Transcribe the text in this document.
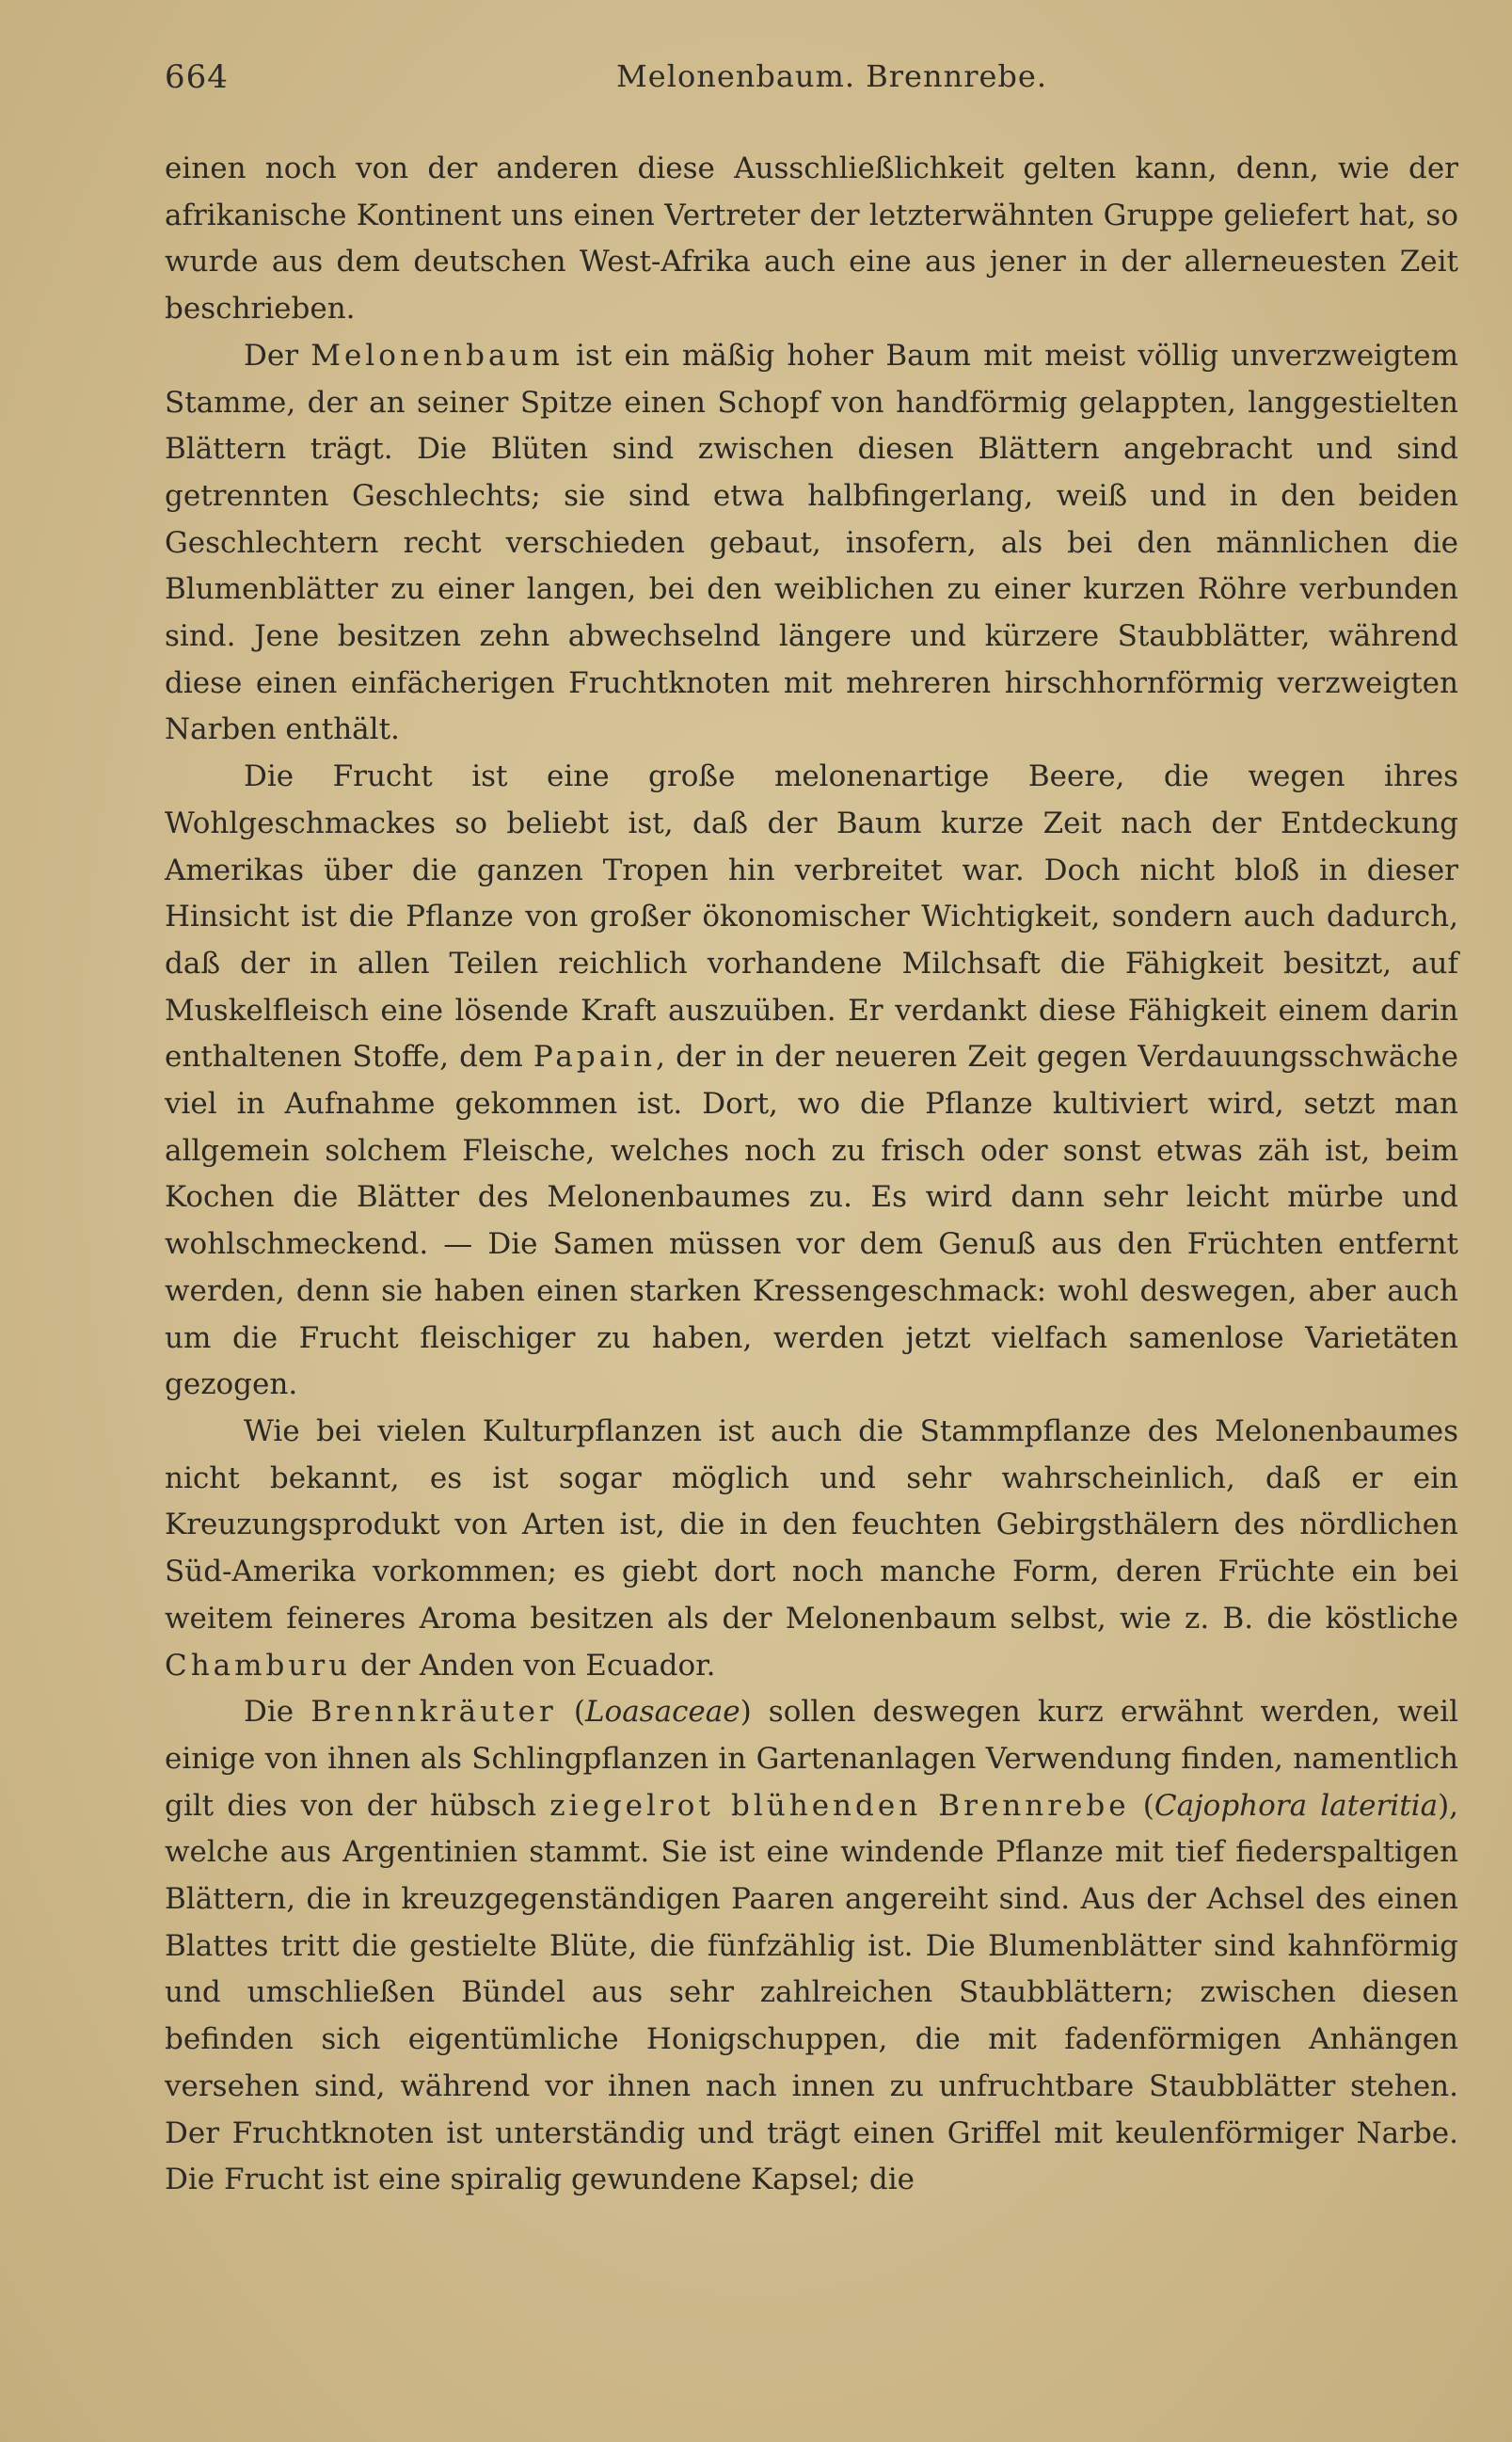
664	Melonenbaum. Brennrebe.

einen noch von der anderen diese Ausschließlichkeit gelten kann, denn, wie der afrikanische Kontinent uns einen Vertreter der letzterwähnten Gruppe geliefert hat, so wurde aus dem deutschen West-Afrika auch eine aus jener in der allerneuesten Zeit beschrieben.

Der Melonenbaum ist ein mäßig hoher Baum mit meist völlig unverzweigtem Stamme, der an seiner Spitze einen Schopf von handförmig gelappten, langgestielten Blättern trägt. Die Blüten sind zwischen diesen Blättern angebracht und sind getrennten Geschlechts; sie sind etwa halbfingerlang, weiß und in den beiden Geschlechtern recht verschieden gebaut, insofern, als bei den männlichen die Blumenblätter zu einer langen, bei den weiblichen zu einer kurzen Röhre verbunden sind. Jene besitzen zehn abwechselnd längere und kürzere Staubblätter, während diese einen einfächerigen Fruchtknoten mit mehreren hirschhornförmig verzweigten Narben enthält.

Die Frucht ist eine große melonenartige Beere, die wegen ihres Wohlgeschmackes so beliebt ist, daß der Baum kurze Zeit nach der Entdeckung Amerikas über die ganzen Tropen hin verbreitet war. Doch nicht bloß in dieser Hinsicht ist die Pflanze von großer ökonomischer Wichtigkeit, sondern auch dadurch, daß der in allen Teilen reichlich vorhandene Milchsaft die Fähigkeit besitzt, auf Muskelfleisch eine lösende Kraft auszuüben. Er verdankt diese Fähigkeit einem darin enthaltenen Stoffe, dem Papain, der in der neueren Zeit gegen Verdauungsschwäche viel in Aufnahme gekommen ist. Dort, wo die Pflanze kultiviert wird, setzt man allgemein solchem Fleische, welches noch zu frisch oder sonst etwas zäh ist, beim Kochen die Blätter des Melonenbaumes zu. Es wird dann sehr leicht mürbe und wohlschmeckend. — Die Samen müssen vor dem Genuß aus den Früchten entfernt werden, denn sie haben einen starken Kressengeschmack: wohl deswegen, aber auch um die Frucht fleischiger zu haben, werden jetzt vielfach samenlose Varietäten gezogen.

Wie bei vielen Kulturpflanzen ist auch die Stammpflanze des Melonenbaumes nicht bekannt, es ist sogar möglich und sehr wahrscheinlich, daß er ein Kreuzungsprodukt von Arten ist, die in den feuchten Gebirgsthälern des nördlichen Süd-Amerika vorkommen; es giebt dort noch manche Form, deren Früchte ein bei weitem feineres Aroma besitzen als der Melonenbaum selbst, wie z. B. die köstliche Chamburu der Anden von Ecuador.

Die Brennkräuter (Loasaceae) sollen deswegen kurz erwähnt werden, weil einige von ihnen als Schlingpflanzen in Gartenanlagen Verwendung finden, namentlich gilt dies von der hübsch ziegelrot blühenden Brennrebe (Cajophora lateritia), welche aus Argentinien stammt. Sie ist eine windende Pflanze mit tief fiederspaltigen Blättern, die in kreuzgegenständigen Paaren angereiht sind. Aus der Achsel des einen Blattes tritt die gestielte Blüte, die fünfzählig ist. Die Blumenblätter sind kahnförmig und umschließen Bündel aus sehr zahlreichen Staubblättern; zwischen diesen befinden sich eigentümliche Honigschuppen, die mit fadenförmigen Anhängen versehen sind, während vor ihnen nach innen zu unfruchtbare Staubblätter stehen. Der Fruchtknoten ist unterständig und trägt einen Griffel mit keulenförmiger Narbe. Die Frucht ist eine spiralig gewundene Kapsel; die
